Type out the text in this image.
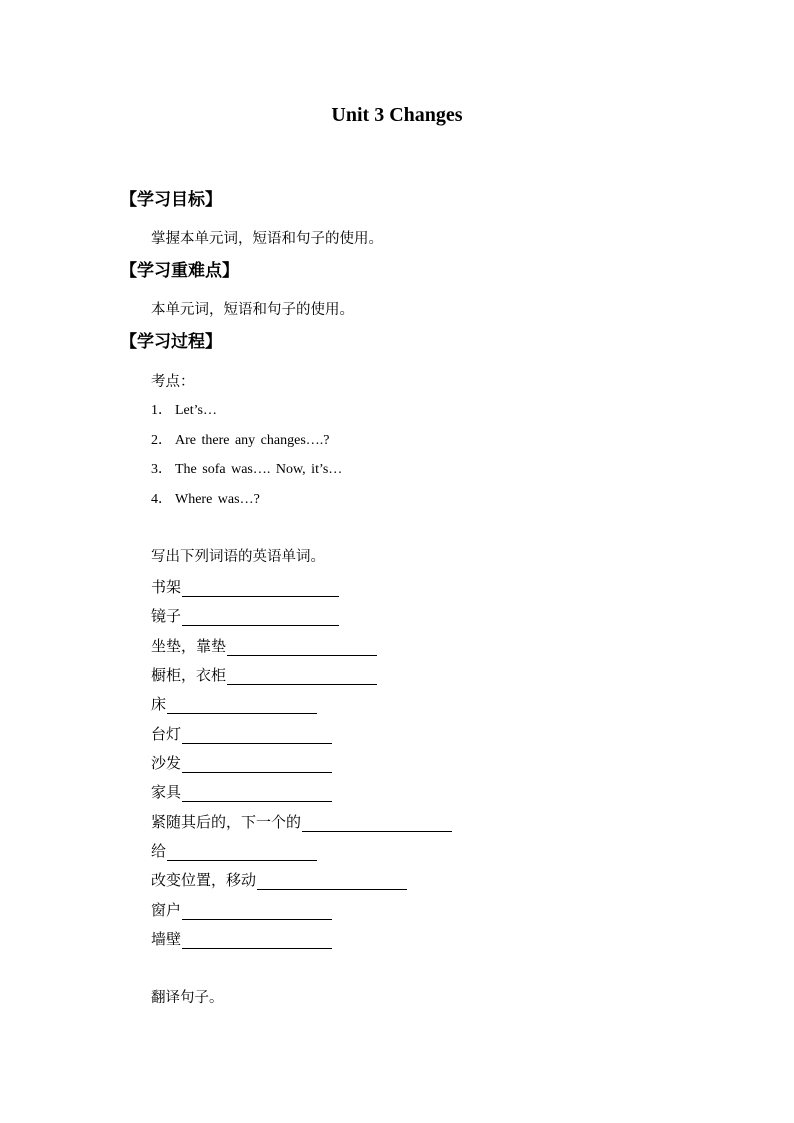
Unit 3 Changes
【学习目标】
掌握本单元词，短语和句子的使用。
【学习重难点】
本单元词，短语和句子的使用。
【学习过程】
考点：
1． Let’s…
2． Are there any changes….?
3． The sofa was…. Now, it’s…
4． Where was…?
写出下列词语的英语单词。
书架
镜子
坐垫，靠垫
橱柜，衣柜
床
台灯
沙发
家具
紧随其后的，下一个的
给
改变位置，移动
窗户
墙壁
翻译句子。
